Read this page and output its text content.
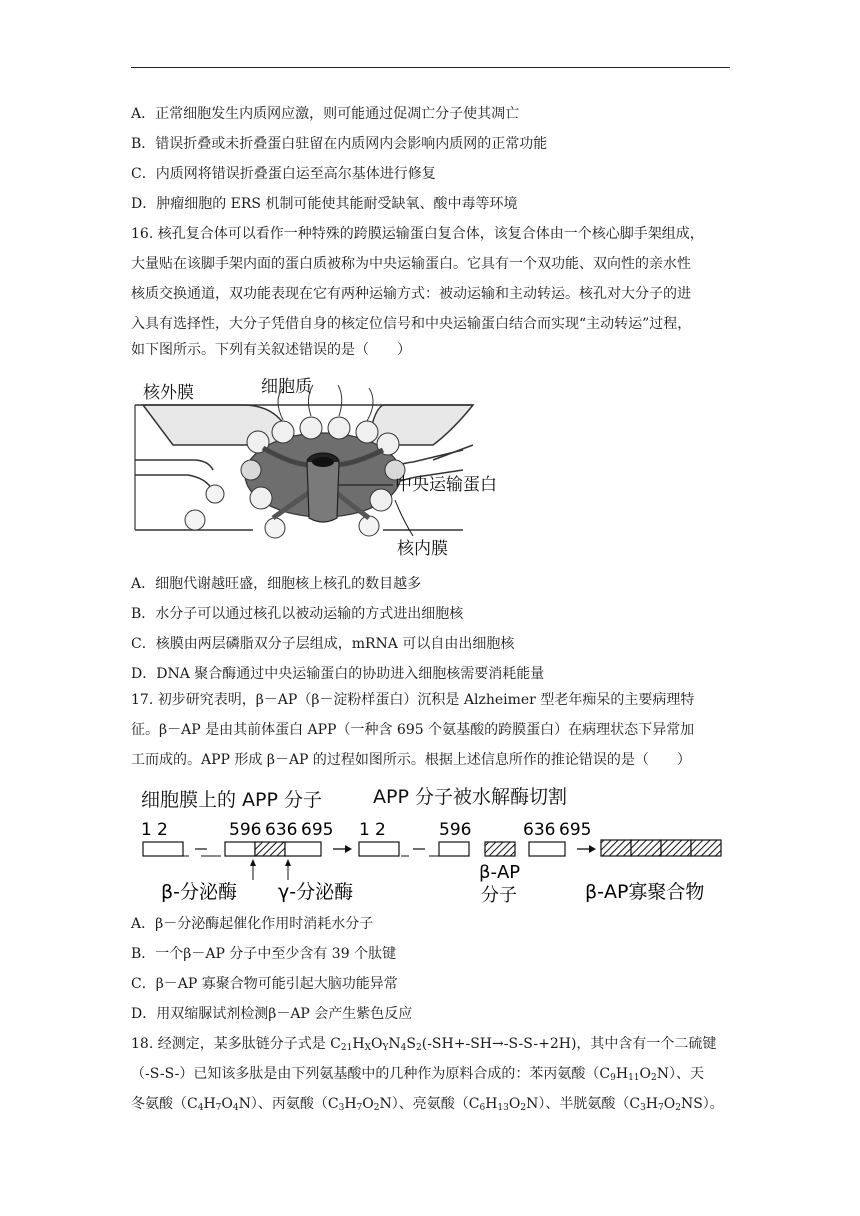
A．正常细胞发生内质网应激，则可能通过促凋亡分子使其凋亡
B．错误折叠或未折叠蛋白驻留在内质网内会影响内质网的正常功能
C．内质网将错误折叠蛋白运至高尔基体进行修复
D．肿瘤细胞的 ERS 机制可能使其能耐受缺氧、酸中毒等环境
16. 核孔复合体可以看作一种特殊的跨膜运输蛋白复合体，该复合体由一个核心脚手架组成，
大量贴在该脚手架内面的蛋白质被称为中央运输蛋白。它具有一个双功能、双向性的亲水性
核质交换通道，双功能表现在它有两种运输方式：被动运输和主动转运。核孔对大分子的进
入具有选择性，大分子凭借自身的核定位信号和中央运输蛋白结合而实现“主动转运”过程，
如下图所示。下列有关叙述错误的是（　　）
核外膜	细胞质
中央运输蛋白
核内膜
A．细胞代谢越旺盛，细胞核上核孔的数目越多
B．水分子可以通过核孔以被动运输的方式进出细胞核
C．核膜由两层磷脂双分子层组成，mRNA 可以自由出细胞核
D．DNA 聚合酶通过中央运输蛋白的协助进入细胞核需要消耗能量
17. 初步研究表明，β－AP（β－淀粉样蛋白）沉积是 Alzheimer 型老年痴呆的主要病理特
征。β－AP 是由其前体蛋白 APP（一种含 695 个氨基酸的跨膜蛋白）在病理状态下异常加
工而成的。APP 形成 β－AP 的过程如图所示。根据上述信息所作的推论错误的是（　　）
细胞膜上的 APP 分子	APP 分子被水解酶切割
1 2	596 636 695
β-分泌酶 γ-分泌酶
1 2	596	636 695
β-AP
分子	β-AP寡聚合物
A．β－分泌酶起催化作用时消耗水分子
B．一个β－AP 分子中至少含有 39 个肽键
C．β－AP 寡聚合物可能引起大脑功能异常
D．用双缩脲试剂检测β－AP 会产生紫色反应
18. 经测定，某多肽链分子式是 $C_{21}H_XO_YN_4S_2(-SH+-SH\to-S-S-+2H)$，其中含有一个二硫键
（-S-S-）已知该多肽是由下列氨基酸中的几种作为原料合成的：苯丙氨酸$(C_9H_{11}O_2N)$、天
冬氨酸$(C_4H_7O_4N)$、丙氨酸$(C_3H_7O_2N)$、亮氨酸$(C_6H_{13}O_2N)$、半胱氨酸$(C_3H_7O_2NS)$。
